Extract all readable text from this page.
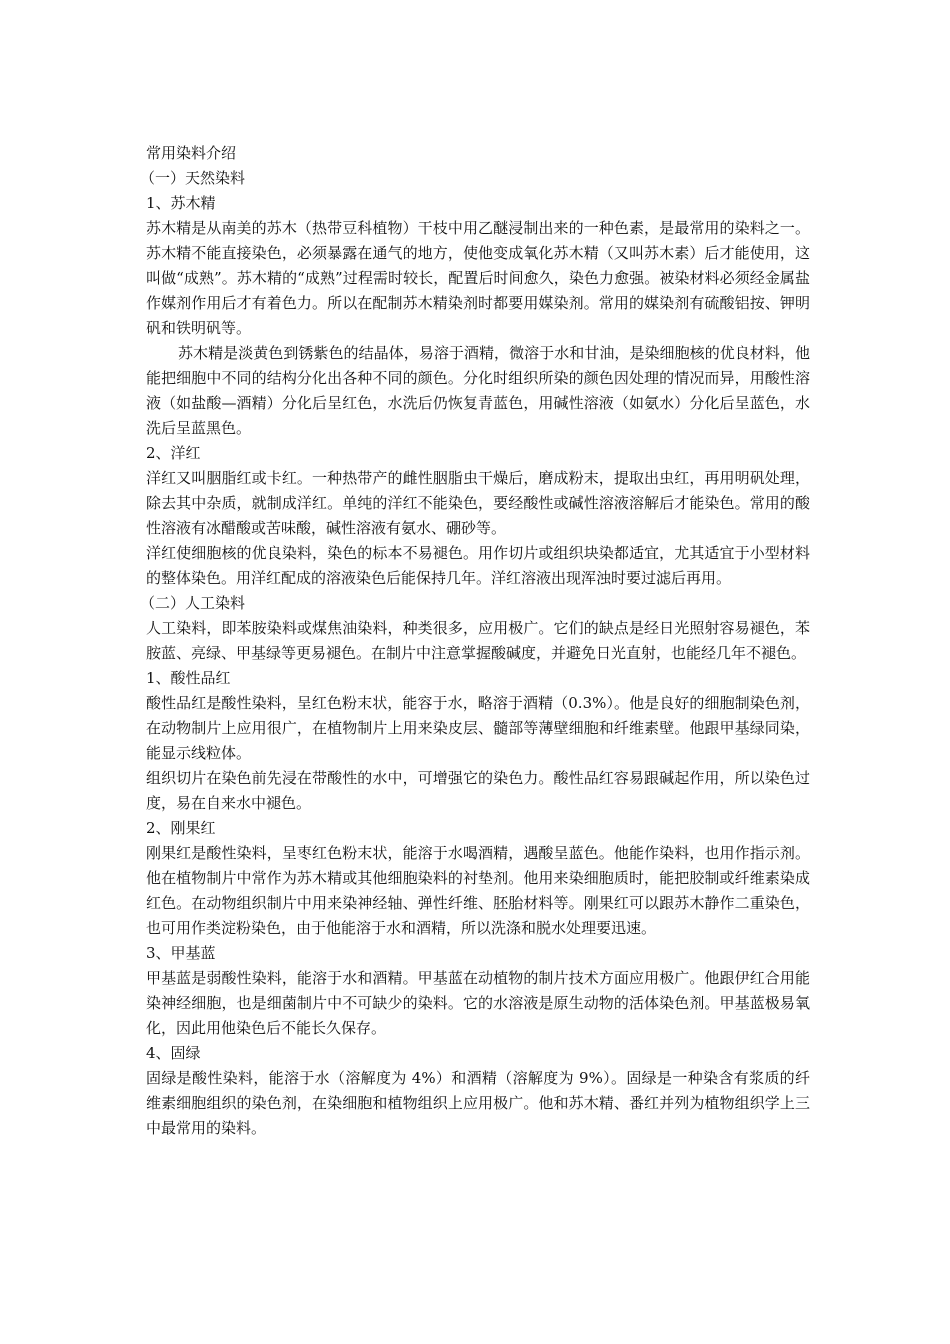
常用染料介绍

（一）天然染料

1、苏木精

苏木精是从南美的苏木（热带豆科植物）干枝中用乙醚浸制出来的一种色素，是最常用的染料之一。苏木精不能直接染色，必须暴露在通气的地方，使他变成氧化苏木精（又叫苏木素）后才能使用，这叫做“成熟”。苏木精的“成熟”过程需时较长，配置后时间愈久，染色力愈强。被染材料必须经金属盐作媒剂作用后才有着色力。所以在配制苏木精染剂时都要用媒染剂。常用的媒染剂有硫酸铝按、钾明矾和铁明矾等。

苏木精是淡黄色到锈紫色的结晶体，易溶于酒精，微溶于水和甘油，是染细胞核的优良材料，他能把细胞中不同的结构分化出各种不同的颜色。分化时组织所染的颜色因处理的情况而异，用酸性溶液（如盐酸—酒精）分化后呈红色，水洗后仍恢复青蓝色，用碱性溶液（如氨水）分化后呈蓝色，水洗后呈蓝黑色。

2、洋红

洋红又叫胭脂红或卡红。一种热带产的雌性胭脂虫干燥后，磨成粉末，提取出虫红，再用明矾处理，除去其中杂质，就制成洋红。单纯的洋红不能染色，要经酸性或碱性溶液溶解后才能染色。常用的酸性溶液有冰醋酸或苦味酸，碱性溶液有氨水、硼砂等。

洋红使细胞核的优良染料，染色的标本不易褪色。用作切片或组织块染都适宜，尤其适宜于小型材料的整体染色。用洋红配成的溶液染色后能保持几年。洋红溶液出现浑浊时要过滤后再用。

（二）人工染料

人工染料，即苯胺染料或煤焦油染料，种类很多，应用极广。它们的缺点是经日光照射容易褪色，苯胺蓝、亮绿、甲基绿等更易褪色。在制片中注意掌握酸碱度，并避免日光直射，也能经几年不褪色。

1、酸性品红

酸性品红是酸性染料，呈红色粉末状，能容于水，略溶于酒精（0.3%）。他是良好的细胞制染色剂，在动物制片上应用很广，在植物制片上用来染皮层、髓部等薄壁细胞和纤维素壁。他跟甲基绿同染，能显示线粒体。

组织切片在染色前先浸在带酸性的水中，可增强它的染色力。酸性品红容易跟碱起作用，所以染色过度，易在自来水中褪色。

2、刚果红

刚果红是酸性染料，呈枣红色粉末状，能溶于水喝酒精，遇酸呈蓝色。他能作染料，也用作指示剂。他在植物制片中常作为苏木精或其他细胞染料的衬垫剂。他用来染细胞质时，能把胶制或纤维素染成红色。在动物组织制片中用来染神经轴、弹性纤维、胚胎材料等。刚果红可以跟苏木静作二重染色，也可用作类淀粉染色，由于他能溶于水和酒精，所以洗涤和脱水处理要迅速。

3、甲基蓝

甲基蓝是弱酸性染料，能溶于水和酒精。甲基蓝在动植物的制片技术方面应用极广。他跟伊红合用能染神经细胞，也是细菌制片中不可缺少的染料。它的水溶液是原生动物的活体染色剂。甲基蓝极易氧化，因此用他染色后不能长久保存。

4、固绿

固绿是酸性染料，能溶于水（溶解度为 4%）和酒精（溶解度为 9%）。固绿是一种染含有浆质的纤维素细胞组织的染色剂，在染细胞和植物组织上应用极广。他和苏木精、番红并列为植物组织学上三中最常用的染料。
